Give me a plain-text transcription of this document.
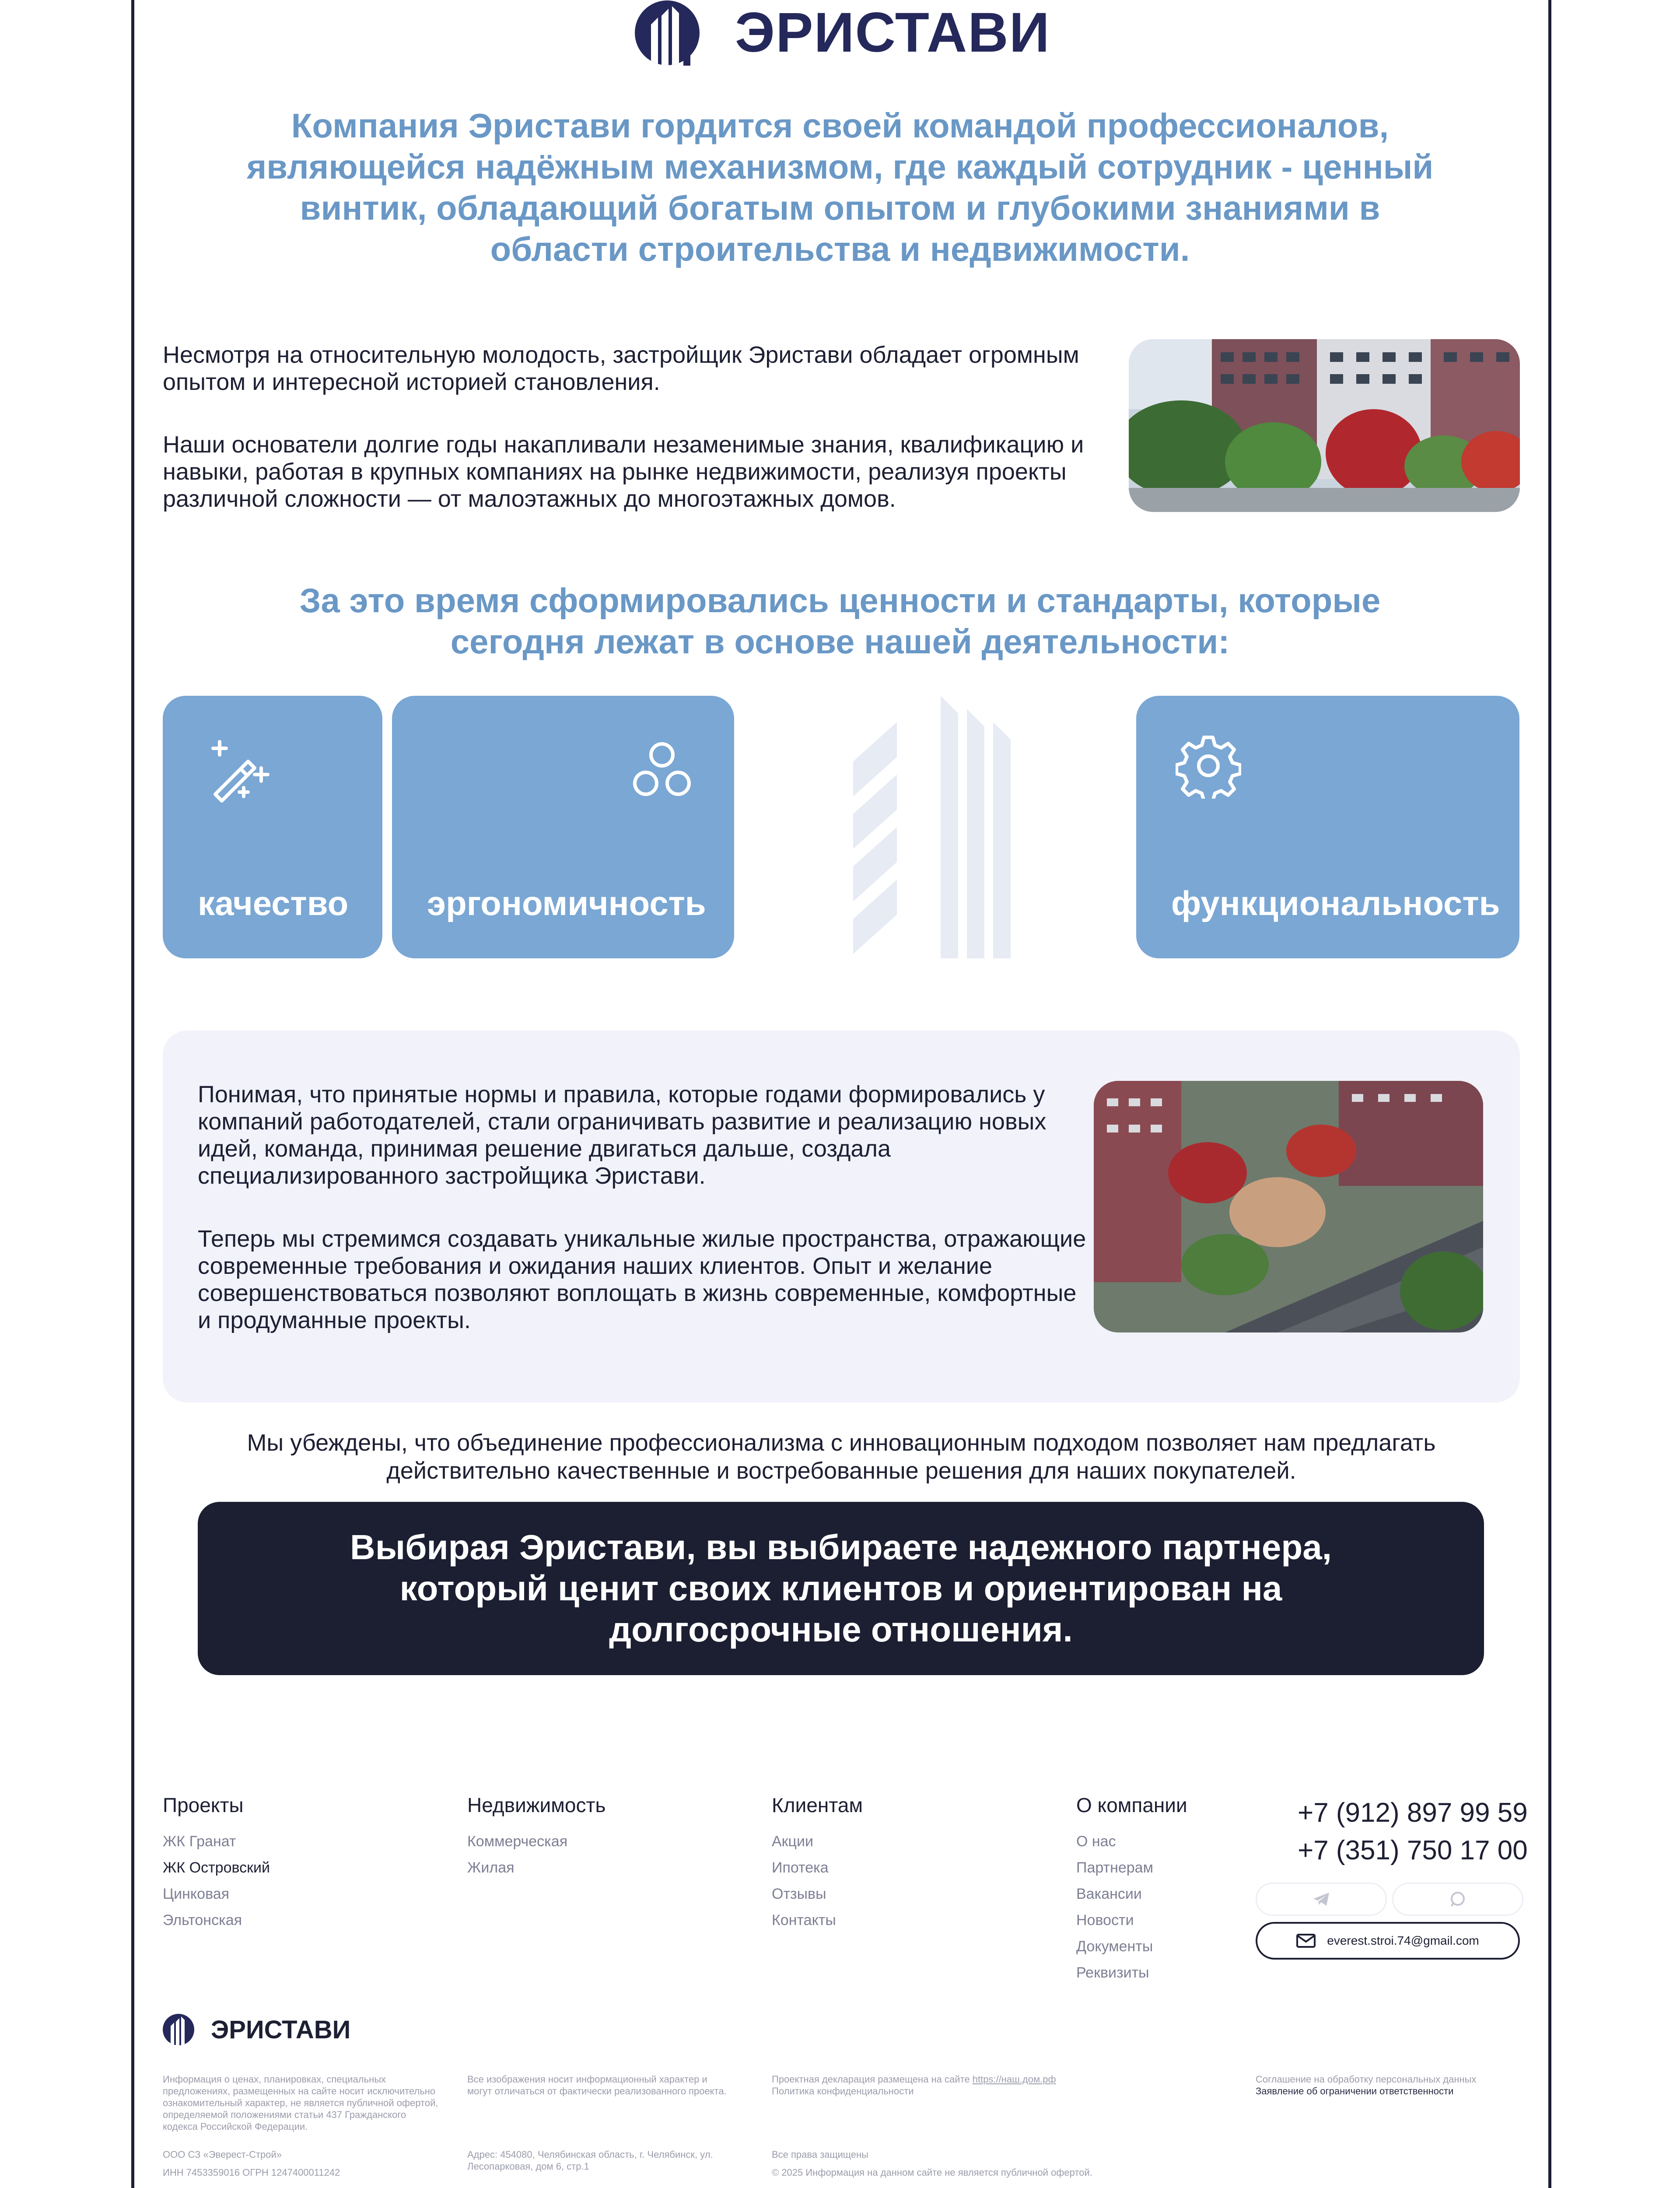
ЭРИСТАВИ
Компания Эристави гордится своей командой профессионалов, являющейся надёжным механизмом, где каждый сотрудник - ценный винтик, обладающий богатым опытом и глубокими знаниями в области строительства и недвижимости.
Несмотря на относительную молодость, застройщик Эристави обладает огромным опытом и интересной историей становления.
Наши основатели долгие годы накапливали незаменимые знания, квалификацию и навыки, работая в крупных компаниях на рынке недвижимости, реализуя проекты различной сложности — от малоэтажных до многоэтажных домов.
За это время сформировались ценности и стандарты, которые сегодня лежат в основе нашей деятельности:
качество эргономичность	функциональность
Понимая, что принятые нормы и правила, которые годами формировались у компаний работодателей, стали ограничивать развитие и реализацию новых идей, команда, принимая решение двигаться дальше, создала специализированного застройщика Эристави.
Теперь мы стремимся создавать уникальные жилые пространства, отражающие современные требования и ожидания наших клиентов. Опыт и желание совершенствоваться позволяют воплощать в жизнь современные, комфортные и продуманные проекты.
Мы убеждены, что объединение профессионализма с инновационным подходом позволяет нам предлагать действительно качественные и востребованные решения для наших покупателей.
Выбирая Эристави, вы выбираете надежного партнера, который ценит своих клиентов и ориентирован на долгосрочные отношения.
Проекты
ЖК Гранат
ЖК Островский
Цинковая
Эльтонская
Недвижимость
Коммерческая
Жилая
Клиентам
Акции
Ипотека
Отзывы
Контакты
О компании
О нас
Партнерам
Вакансии
Новости
Документы
Реквизиты
+7 (912) 897 99 59
+7 (351) 750 17 00
everest.stroi.74@gmail.com
ЭРИСТАВИ
Информация о ценах, планировках, специальных предложениях, размещенных на сайте носит исключительно ознакомительный характер, не является публичной офертой, определяемой положениями статьи 437 Гражданского кодекса Российской Федерации.
Все изображения носит информационный характер и могут отличаться от фактически реализованного проекта.
Проектная декларация размещена на сайте https://наш.дом.рф
Политика конфиденциальности
Соглашение на обработку персональных данных
Заявление об ограничении ответственности
ООО СЗ «Эверест-Строй»
ИНН 7453359016 ОГРН 1247400011242
Адрес: 454080, Челябинская область, г. Челябинск, ул. Лесопарковая, дом 6, стр.1
Все права защищены
© 2025 Информация на данном сайте не является публичной офертой.
